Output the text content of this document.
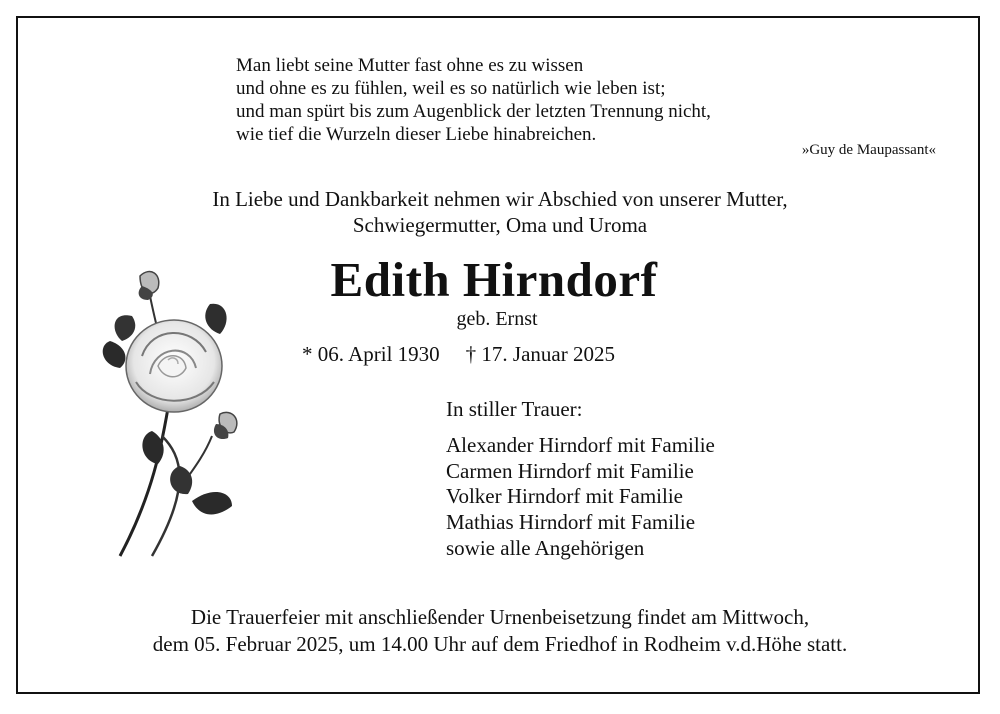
Man liebt seine Mutter fast ohne es zu wissen
und ohne es zu fühlen, weil es so natürlich wie leben ist;
und man spürt bis zum Augenblick der letzten Trennung nicht,
wie tief die Wurzeln dieser Liebe hinabreichen.
»Guy de Maupassant«
In Liebe und Dankbarkeit nehmen wir Abschied von unserer Mutter,
Schwiegermutter, Oma und Uroma
Edith Hirndorf
geb. Ernst
* 06. April 1930 † 17. Januar 2025
In stiller Trauer:
Alexander Hirndorf mit Familie
Carmen Hirndorf mit Familie
Volker Hirndorf mit Familie
Mathias Hirndorf mit Familie
sowie alle Angehörigen
Die Trauerfeier mit anschließender Urnenbeisetzung findet am Mittwoch,
dem 05. Februar 2025, um 14.00 Uhr auf dem Friedhof in Rodheim v.d.Höhe statt.
